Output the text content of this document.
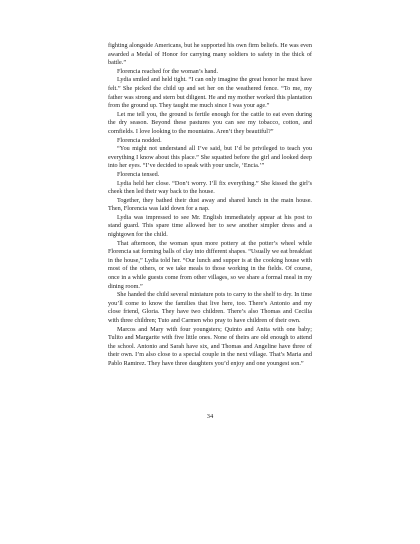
fighting alongside Americans, but he supported his own firm beliefs. He was even awarded a Medal of Honor for carrying many soldiers to safety in the thick of battle.”

Florencia reached for the woman’s hand.

Lydia smiled and held tight. “I can only imagine the great honor he must have felt.” She picked the child up and set her on the weathered fence. “To me, my father was strong and stern but diligent. He and my mother worked this plantation from the ground up. They taught me much since I was your age.”

Let me tell you, the ground is fertile enough for the cattle to eat even during the dry season. Beyond these pastures you can see my tobacco, cotton, and cornfields. I love looking to the mountains. Aren’t they beautiful?”

Florencia nodded.

“You might not understand all I’ve said, but I’d be privileged to teach you everything I know about this place.” She squatted before the girl and looked deep into her eyes. “I’ve decided to speak with your uncle, ‘Encia.’”

Florencia tensed.

Lydia held her close. “Don’t worry. I’ll fix everything.” She kissed the girl’s cheek then led their way back to the house.

Together, they bathed their dust away and shared lunch in the main house. Then, Florencia was laid down for a nap.

Lydia was impressed to see Mr. English immediately appear at his post to stand guard. This spare time allowed her to sew another simpler dress and a nightgown for the child.

That afternoon, the woman spun more pottery at the potter’s wheel while Florencia sat forming balls of clay into different shapes. “Usually we eat breakfast in the house,” Lydia told her. “Our lunch and supper is at the cooking house with most of the others, or we take meals to those working in the fields. Of course, once in a while guests come from other villages, so we share a formal meal in my dining room.”

She handed the child several miniature pots to carry to the shelf to dry. In time you’ll come to know the families that live here, too. There’s Antonio and my close friend, Gloria. They have two children. There’s also Thomas and Cecilia with three children; Tuto and Carmen who pray to have children of their own.

Marcos and Mary with four youngsters; Quinto and Anita with one baby; Tulito and Margarite with five little ones. None of theirs are old enough to attend the school. Antonio and Sarah have six, and Thomas and Angeline have three of their own. I’m also close to a special couple in the next village. That’s Maria and Pablo Ramirez. They have three daughters you’d enjoy and one youngest son.”

34
